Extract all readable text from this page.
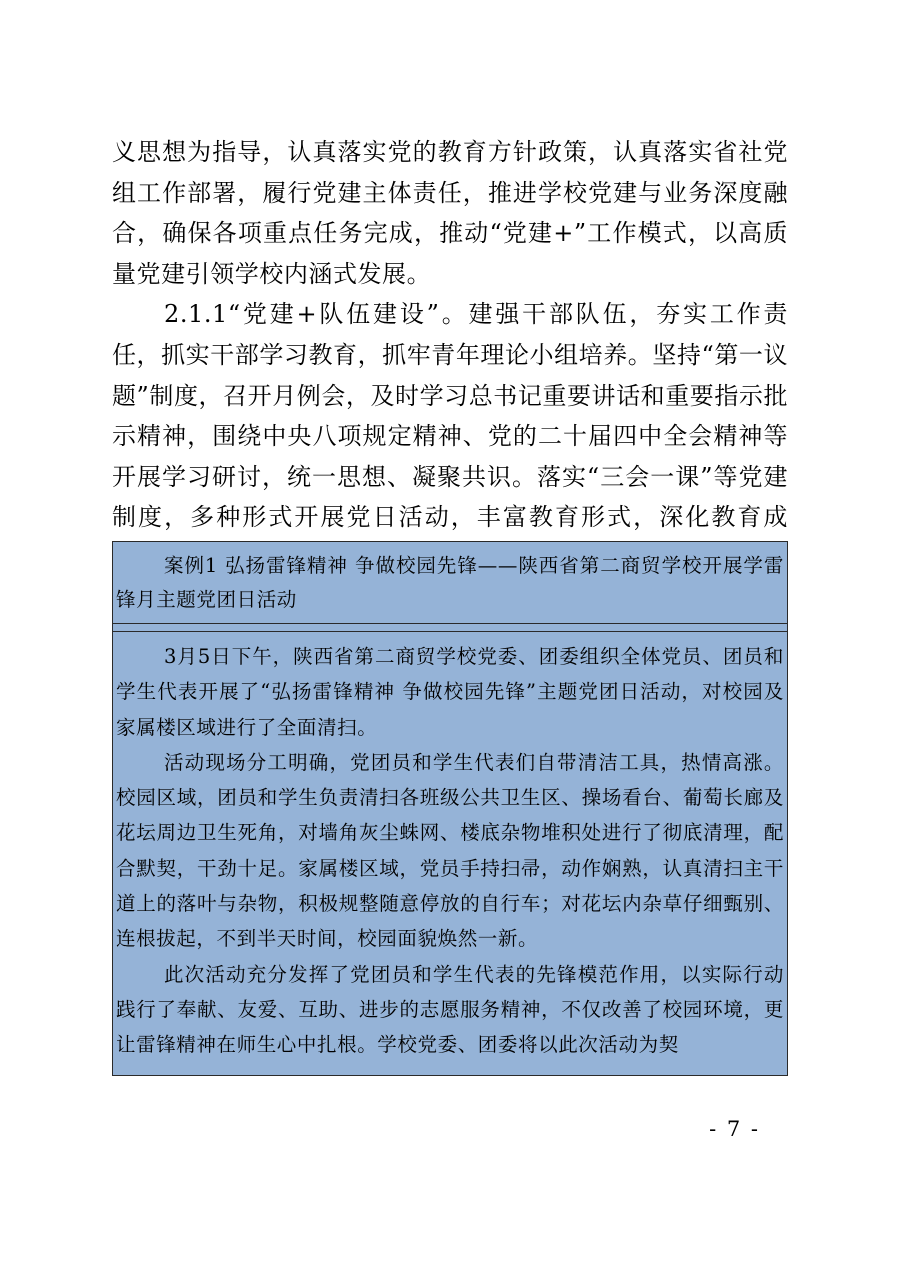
义思想为指导，认真落实党的教育方针政策，认真落实省社党组工作部署，履行党建主体责任，推进学校党建与业务深度融合，确保各项重点任务完成，推动“党建+”工作模式，以高质量党建引领学校内涵式发展。

2.1.1“党建+队伍建设”。建强干部队伍，夯实工作责任，抓实干部学习教育，抓牢青年理论小组培养。坚持“第一议题”制度，召开月例会，及时学习总书记重要讲话和重要指示批示精神，围绕中央八项规定精神、党的二十届四中全会精神等开展学习研讨，统一思想、凝聚共识。落实“三会一课”等党建制度，多种形式开展党日活动，丰富教育形式，深化教育成

案例1 弘扬雷锋精神 争做校园先锋——陕西省第二商贸学校开展学雷锋月主题党团日活动

3月5日下午，陕西省第二商贸学校党委、团委组织全体党员、团员和学生代表开展了“弘扬雷锋精神 争做校园先锋”主题党团日活动，对校园及家属楼区域进行了全面清扫。

活动现场分工明确，党团员和学生代表们自带清洁工具，热情高涨。校园区域，团员和学生负责清扫各班级公共卫生区、操场看台、葡萄长廊及花坛周边卫生死角，对墙角灰尘蛛网、楼底杂物堆积处进行了彻底清理，配合默契，干劲十足。家属楼区域，党员手持扫帚，动作娴熟，认真清扫主干道上的落叶与杂物，积极规整随意停放的自行车；对花坛内杂草仔细甄别、连根拔起，不到半天时间，校园面貌焕然一新。

此次活动充分发挥了党团员和学生代表的先锋模范作用，以实际行动践行了奉献、友爱、互助、进步的志愿服务精神，不仅改善了校园环境，更让雷锋精神在师生心中扎根。学校党委、团委将以此次活动为契

- 7 -
